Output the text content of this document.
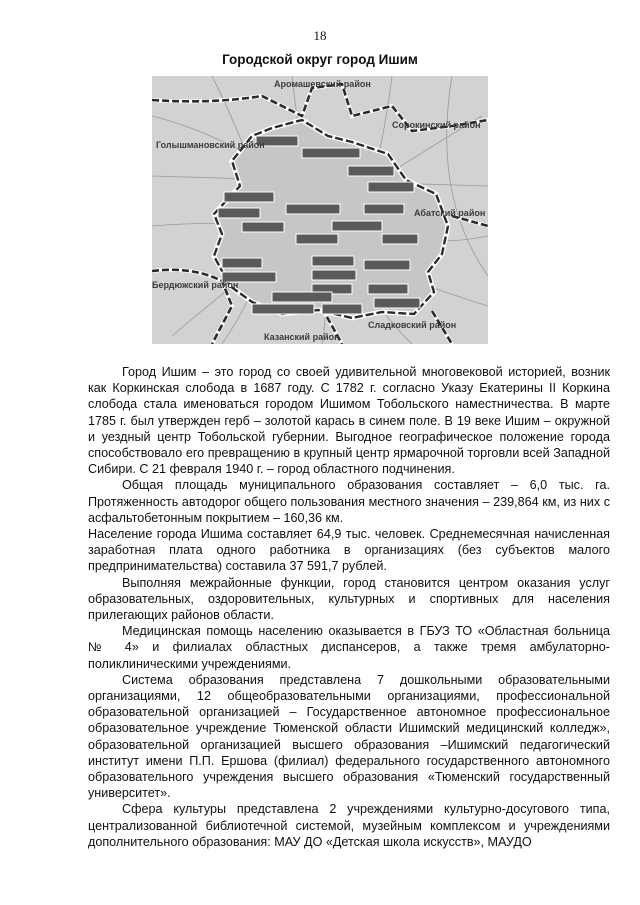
18
Городской округ город Ишим
Аромашевский район
Голышмановский район
Сорокинский район
Абатский район
Бердюжский район
Сладковский район
Казанский район

Город Ишим – это город со своей удивительной многовековой историей, возник как Коркинская слобода в 1687 году. С 1782 г. согласно Указу Екатерины II Коркина слобода стала именоваться городом Ишимом Тобольского наместничества. В марте 1785 г. был утвержден герб – золотой карась в синем поле. В 19 веке Ишим – окружной и уездный центр Тобольской губернии. Выгодное географическое положение города способствовало его превращению в крупный центр ярмарочной торговли всей Западной Сибири. С 21 февраля 1940 г. – город областного подчинения.

Общая площадь муниципального образования составляет – 6,0 тыс. га. Протяженность автодорог общего пользования местного значения – 239,864 км, из них с асфальтобетонным покрытием – 160,36 км.

Население города Ишима составляет 64,9 тыс. человек. Среднемесячная начисленная заработная плата одного работника в организациях (без субъектов малого предпринимательства) составила 37 591,7 рублей.

Выполняя межрайонные функции, город становится центром оказания услуг образовательных, оздоровительных, культурных и спортивных для населения прилегающих районов области.

Медицинская помощь населению оказывается в ГБУЗ ТО «Областная больница № 4» и филиалах областных диспансеров, а также тремя амбулаторно-поликлиническими учреждениями.

Система образования представлена 7 дошкольными образовательными организациями, 12 общеобразовательными организациями, профессиональной образовательной организацией – Государственное автономное профессиональное образовательное учреждение Тюменской области Ишимский медицинский колледж», образовательной организацией высшего образования –Ишимский педагогический институт имени П.П. Ершова (филиал) федерального государственного автономного образовательного учреждения высшего образования «Тюменский государственный университет».

Сфера культуры представлена 2 учреждениями культурно-досугового типа, централизованной библиотечной системой, музейным комплексом и учреждениями дополнительного образования: МАУ ДО «Детская школа искусств», МАУДО
